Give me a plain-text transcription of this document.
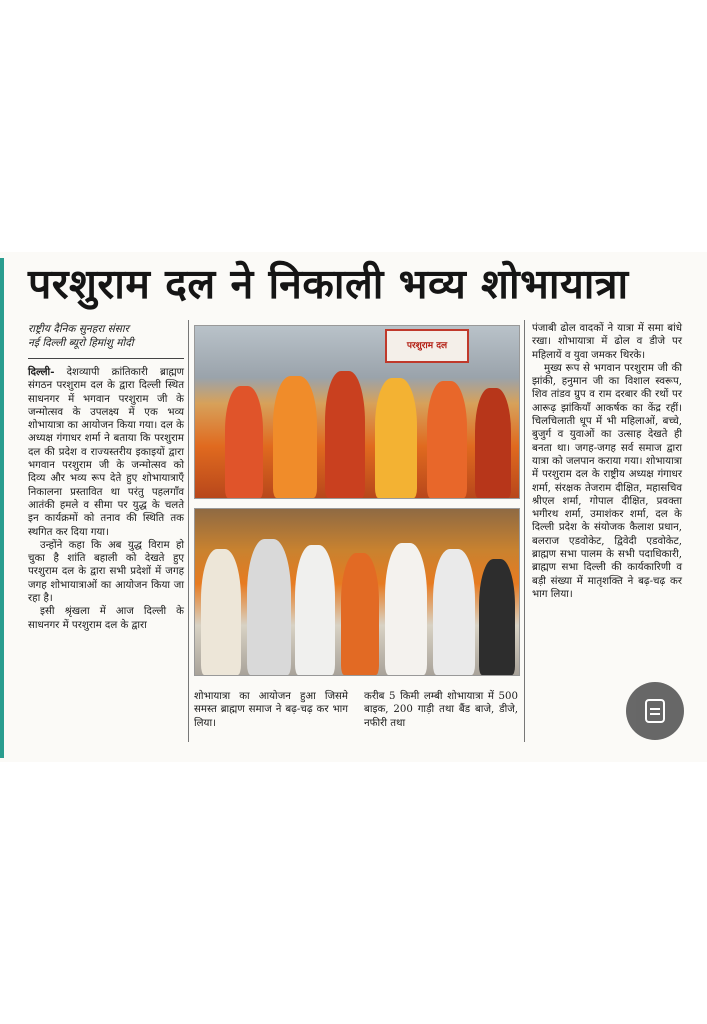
परशुराम दल ने निकाली भव्य शोभायात्रा
राष्ट्रीय दैनिक सुनहरा संसार
नई दिल्ली ब्यूरो हिमांशु मोदी

दिल्ली- देशव्यापी क्रांतिकारी ब्राह्मण संगठन परशुराम दल के द्वारा दिल्ली स्थित साधनगर में भगवान परशुराम जी के जन्मोत्सव के उपलक्ष्य में एक भव्य शोभायात्रा का आयोजन किया गया। दल के अध्यक्ष गंगाधर शर्मा ने बताया कि परशुराम दल की प्रदेश व राज्यस्तरीय इकाइयों द्वारा भगवान परशुराम जी के जन्मोत्सव को दिव्य और भव्य रूप देते हुए शोभायात्राएँ निकालना प्रस्तावित था परंतु पहलगाँव आतंकी हमले व सीमा पर युद्ध के चलते इन कार्यक्रमों को तनाव की स्थिति तक स्थगित कर दिया गया।

उन्होंने कहा कि अब युद्ध विराम हो चुका है शांति बहाली को देखते हुए परशुराम दल के द्वारा सभी प्रदेशों में जगह जगह शोभायात्राओं का आयोजन किया जा रहा है।

इसी श्रृंखला में आज दिल्ली के साधनगर में परशुराम दल के द्वारा

परशुराम दल
शोभायात्रा का आयोजन हुआ जिसमे समस्त ब्राह्मण समाज ने बढ़-चढ़ कर भाग लिया।
करीब 5 किमी लम्बी शोभायात्रा में 500 बाइक, 200 गाड़ी तथा बैंड बाजे, डीजे, नफीरी तथा

पंजाबी ढोल वादकों ने यात्रा में समा बांधे रखा। शोभायात्रा में ढोल व डीजे पर महिलायें व युवा जमकर थिरके।

मुख्य रूप से भगवान परशुराम जी की झांकी, हनुमान जी का विशाल स्वरूप, शिव तांडव ग्रुप व राम दरबार की रथों पर आरूढ़ झांकियाँ आकर्षक का केंद्र रहीं। चिलचिलाती धूप में भी महिलाओं, बच्चे, बुजुर्ग व युवाओं का उत्साह देखते ही बनता था। जगह-जगह सर्व समाज द्वारा यात्रा को जलपान कराया गया। शोभायात्रा में परशुराम दल के राष्ट्रीय अध्यक्ष गंगाधर शर्मा, संरक्षक तेजराम दीक्षित, महासचिव श्रीएल शर्मा, गोपाल दीक्षित, प्रवक्ता भगीरथ शर्मा, उमाशंकर शर्मा, दल के दिल्ली प्रदेश के संयोजक कैलाश प्रधान, बलराज एडवोकेट, द्विवेदी एडवोकेट, ब्राह्मण सभा पालम के सभी पदाधिकारी, ब्राह्मण सभा दिल्ली की कार्यकारिणी व बड़ी संख्या में मातृशक्ति ने बढ़-चढ़ कर भाग लिया।
